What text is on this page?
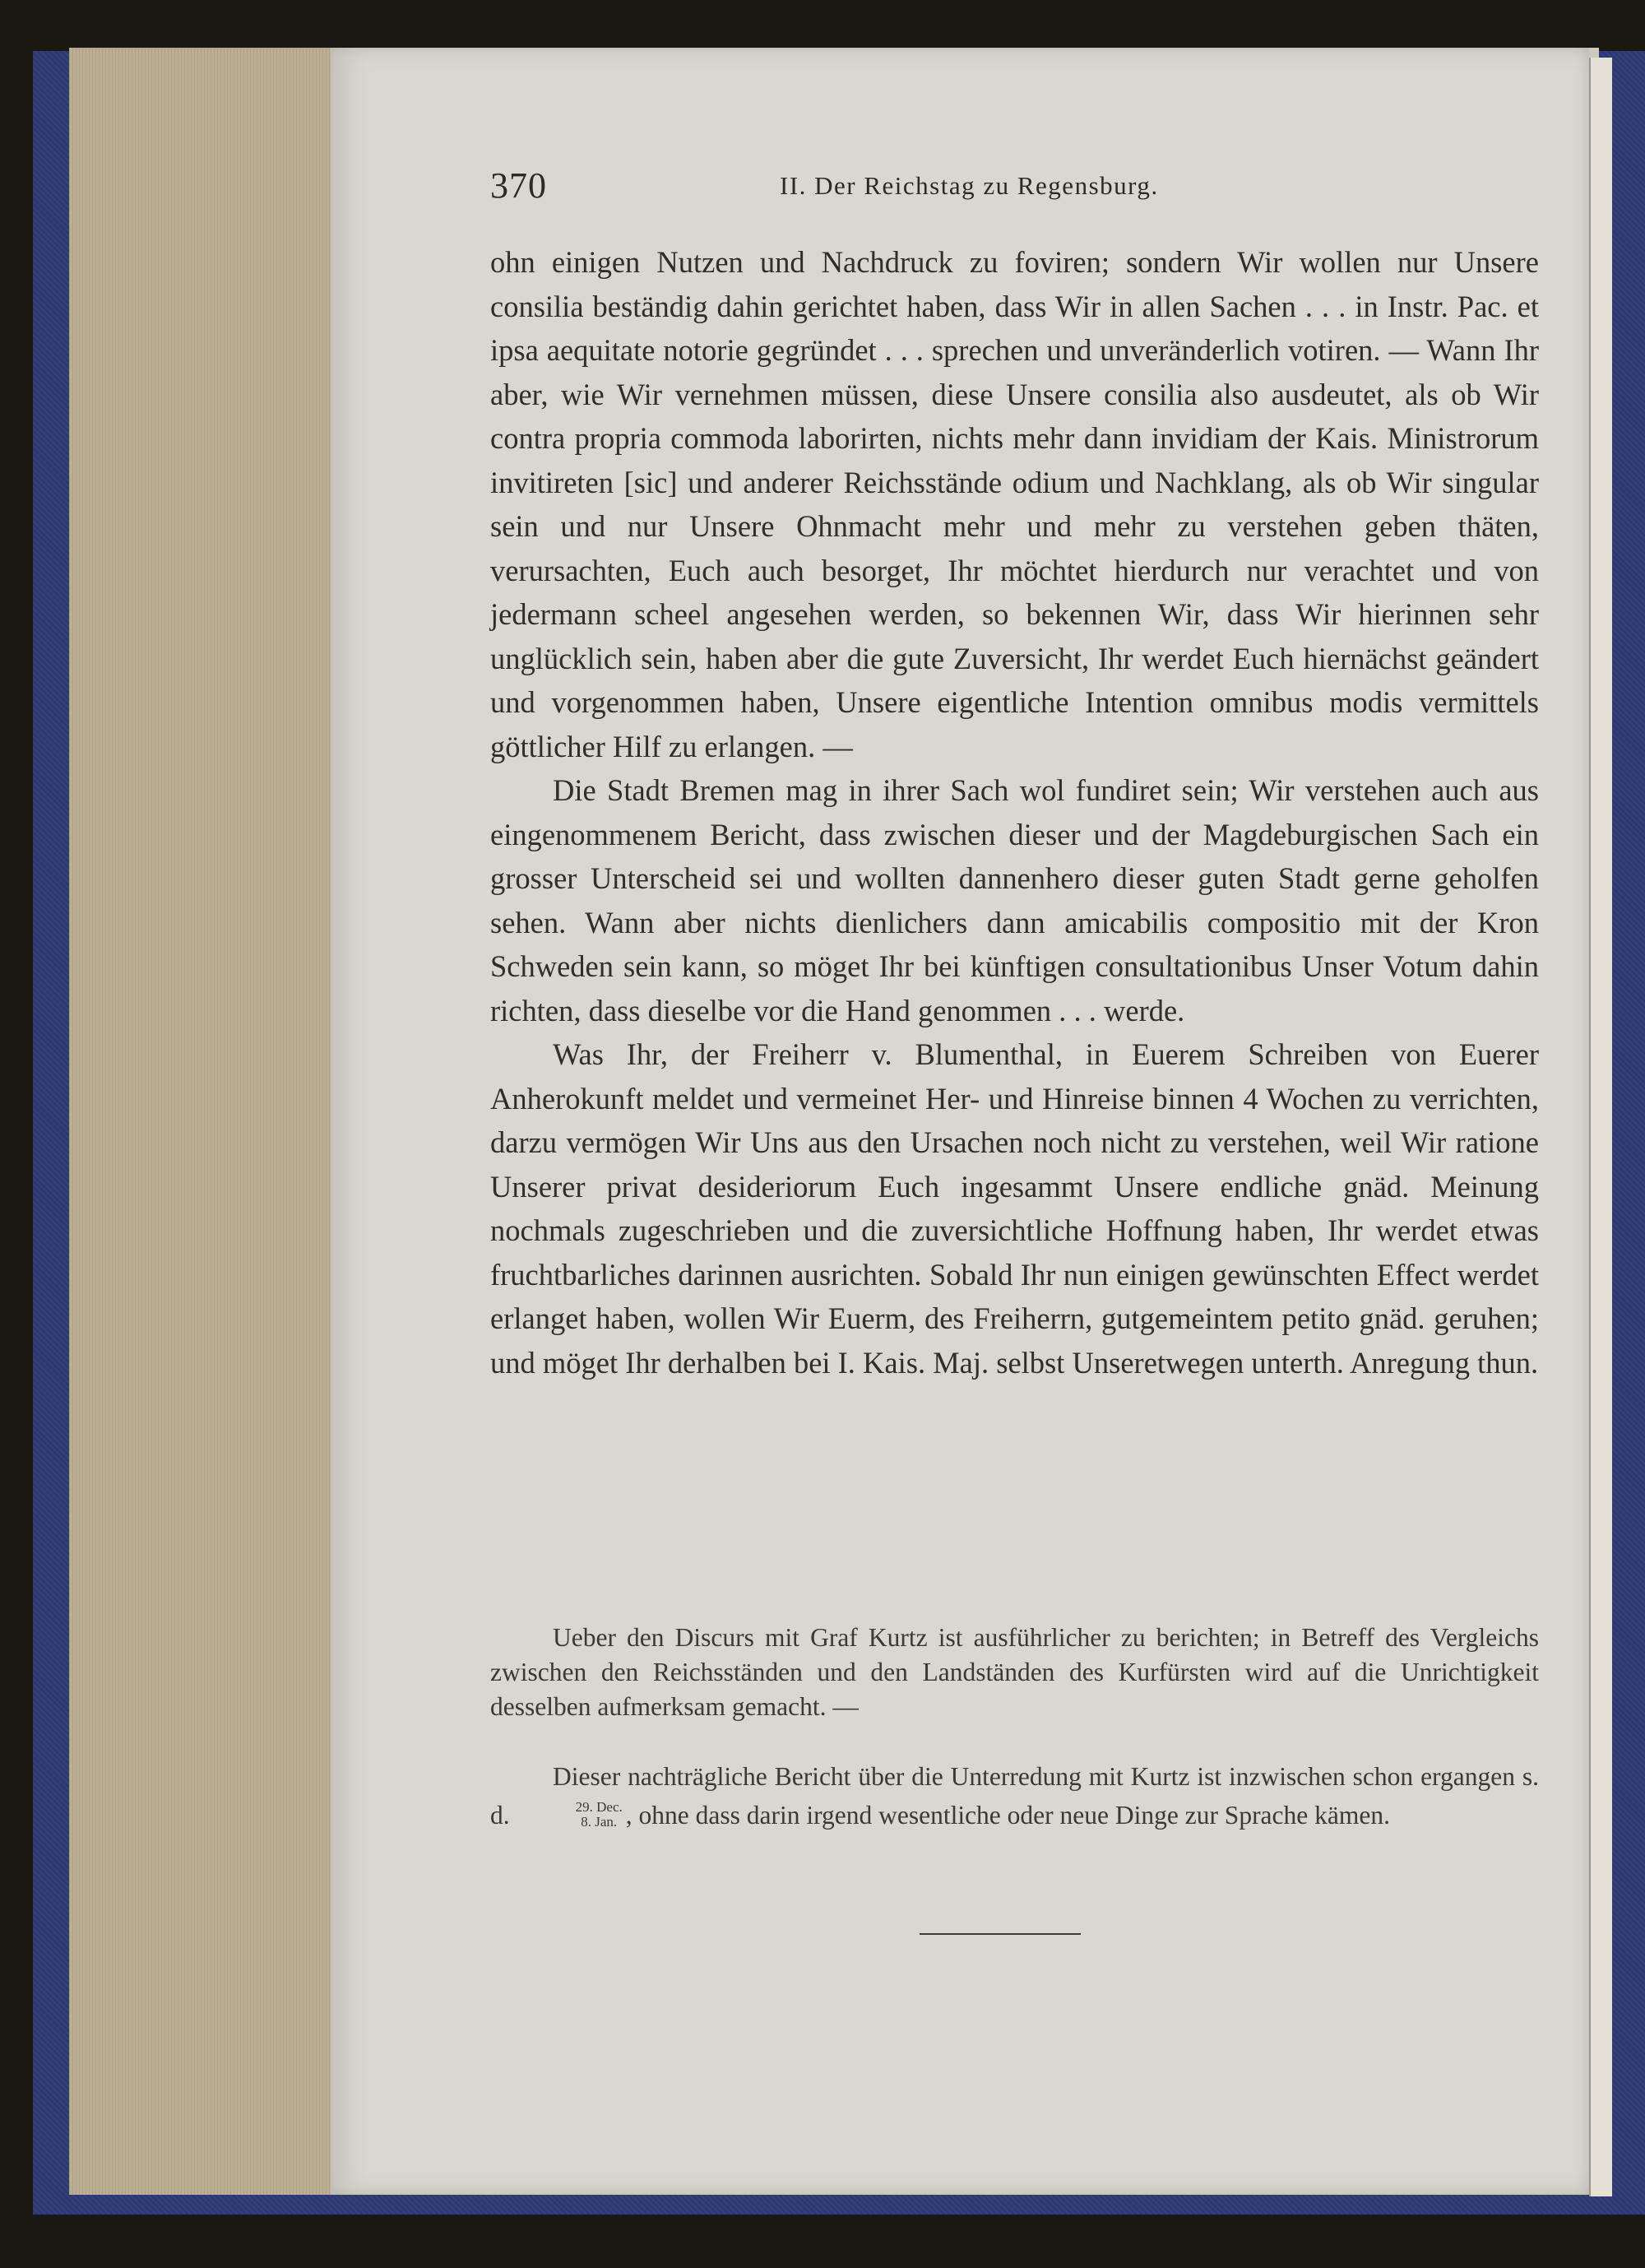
370	II. Der Reichstag zu Regensburg.

ohn einigen Nutzen und Nachdruck zu foviren; sondern Wir wollen nur Unsere consilia beständig dahin gerichtet haben, dass Wir in allen Sachen . . . in Instr. Pac. et ipsa aequitate notorie gegründet . . . sprechen und unveränderlich votiren. — Wann Ihr aber, wie Wir vernehmen müssen, diese Unsere consilia also ausdeutet, als ob Wir contra propria commoda laborirten, nichts mehr dann invidiam der Kais. Ministrorum invitireten [sic] und anderer Reichsstände odium und Nachklang, als ob Wir singular sein und nur Unsere Ohnmacht mehr und mehr zu verstehen geben thäten, verursachten, Euch auch besorget, Ihr möchtet hierdurch nur verachtet und von jedermann scheel angesehen werden, so bekennen Wir, dass Wir hierinnen sehr unglücklich sein, haben aber die gute Zuversicht, Ihr werdet Euch hiernächst geändert und vorgenommen haben, Unsere eigentliche Intention omnibus modis vermittels göttlicher Hilf zu erlangen. —

Die Stadt Bremen mag in ihrer Sach wol fundiret sein; Wir verstehen auch aus eingenommenem Bericht, dass zwischen dieser und der Magdeburgischen Sach ein grosser Unterscheid sei und wollten dannenhero dieser guten Stadt gerne geholfen sehen. Wann aber nichts dienlichers dann amicabilis compositio mit der Kron Schweden sein kann, so möget Ihr bei künftigen consultationibus Unser Votum dahin richten, dass dieselbe vor die Hand genommen . . . werde.

Was Ihr, der Freiherr v. Blumenthal, in Euerem Schreiben von Euerer Anherokunft meldet und vermeinet Her- und Hinreise binnen 4 Wochen zu verrichten, darzu vermögen Wir Uns aus den Ursachen noch nicht zu verstehen, weil Wir ratione Unserer privat desideriorum Euch ingesammt Unsere endliche gnäd. Meinung nochmals zugeschrieben und die zuversichtliche Hoffnung haben, Ihr werdet etwas fruchtbarliches darinnen ausrichten. Sobald Ihr nun einigen gewünschten Effect werdet erlanget haben, wollen Wir Euerm, des Freiherrn, gutgemeintem petito gnäd. geruhen; und möget Ihr derhalben bei I. Kais. Maj. selbst Unseretwegen unterth. Anregung thun.

Ueber den Discurs mit Graf Kurtz ist ausführlicher zu berichten; in Betreff des Vergleichs zwischen den Reichsständen und den Landständen des Kurfürsten wird auf die Unrichtigkeit desselben aufmerksam gemacht. —

Dieser nachträgliche Bericht über die Unterredung mit Kurtz ist inzwischen schon ergangen s. d.	29. Dec.
8. Jan. , ohne dass darin irgend wesentliche oder neue Dinge zur Sprache kämen.
